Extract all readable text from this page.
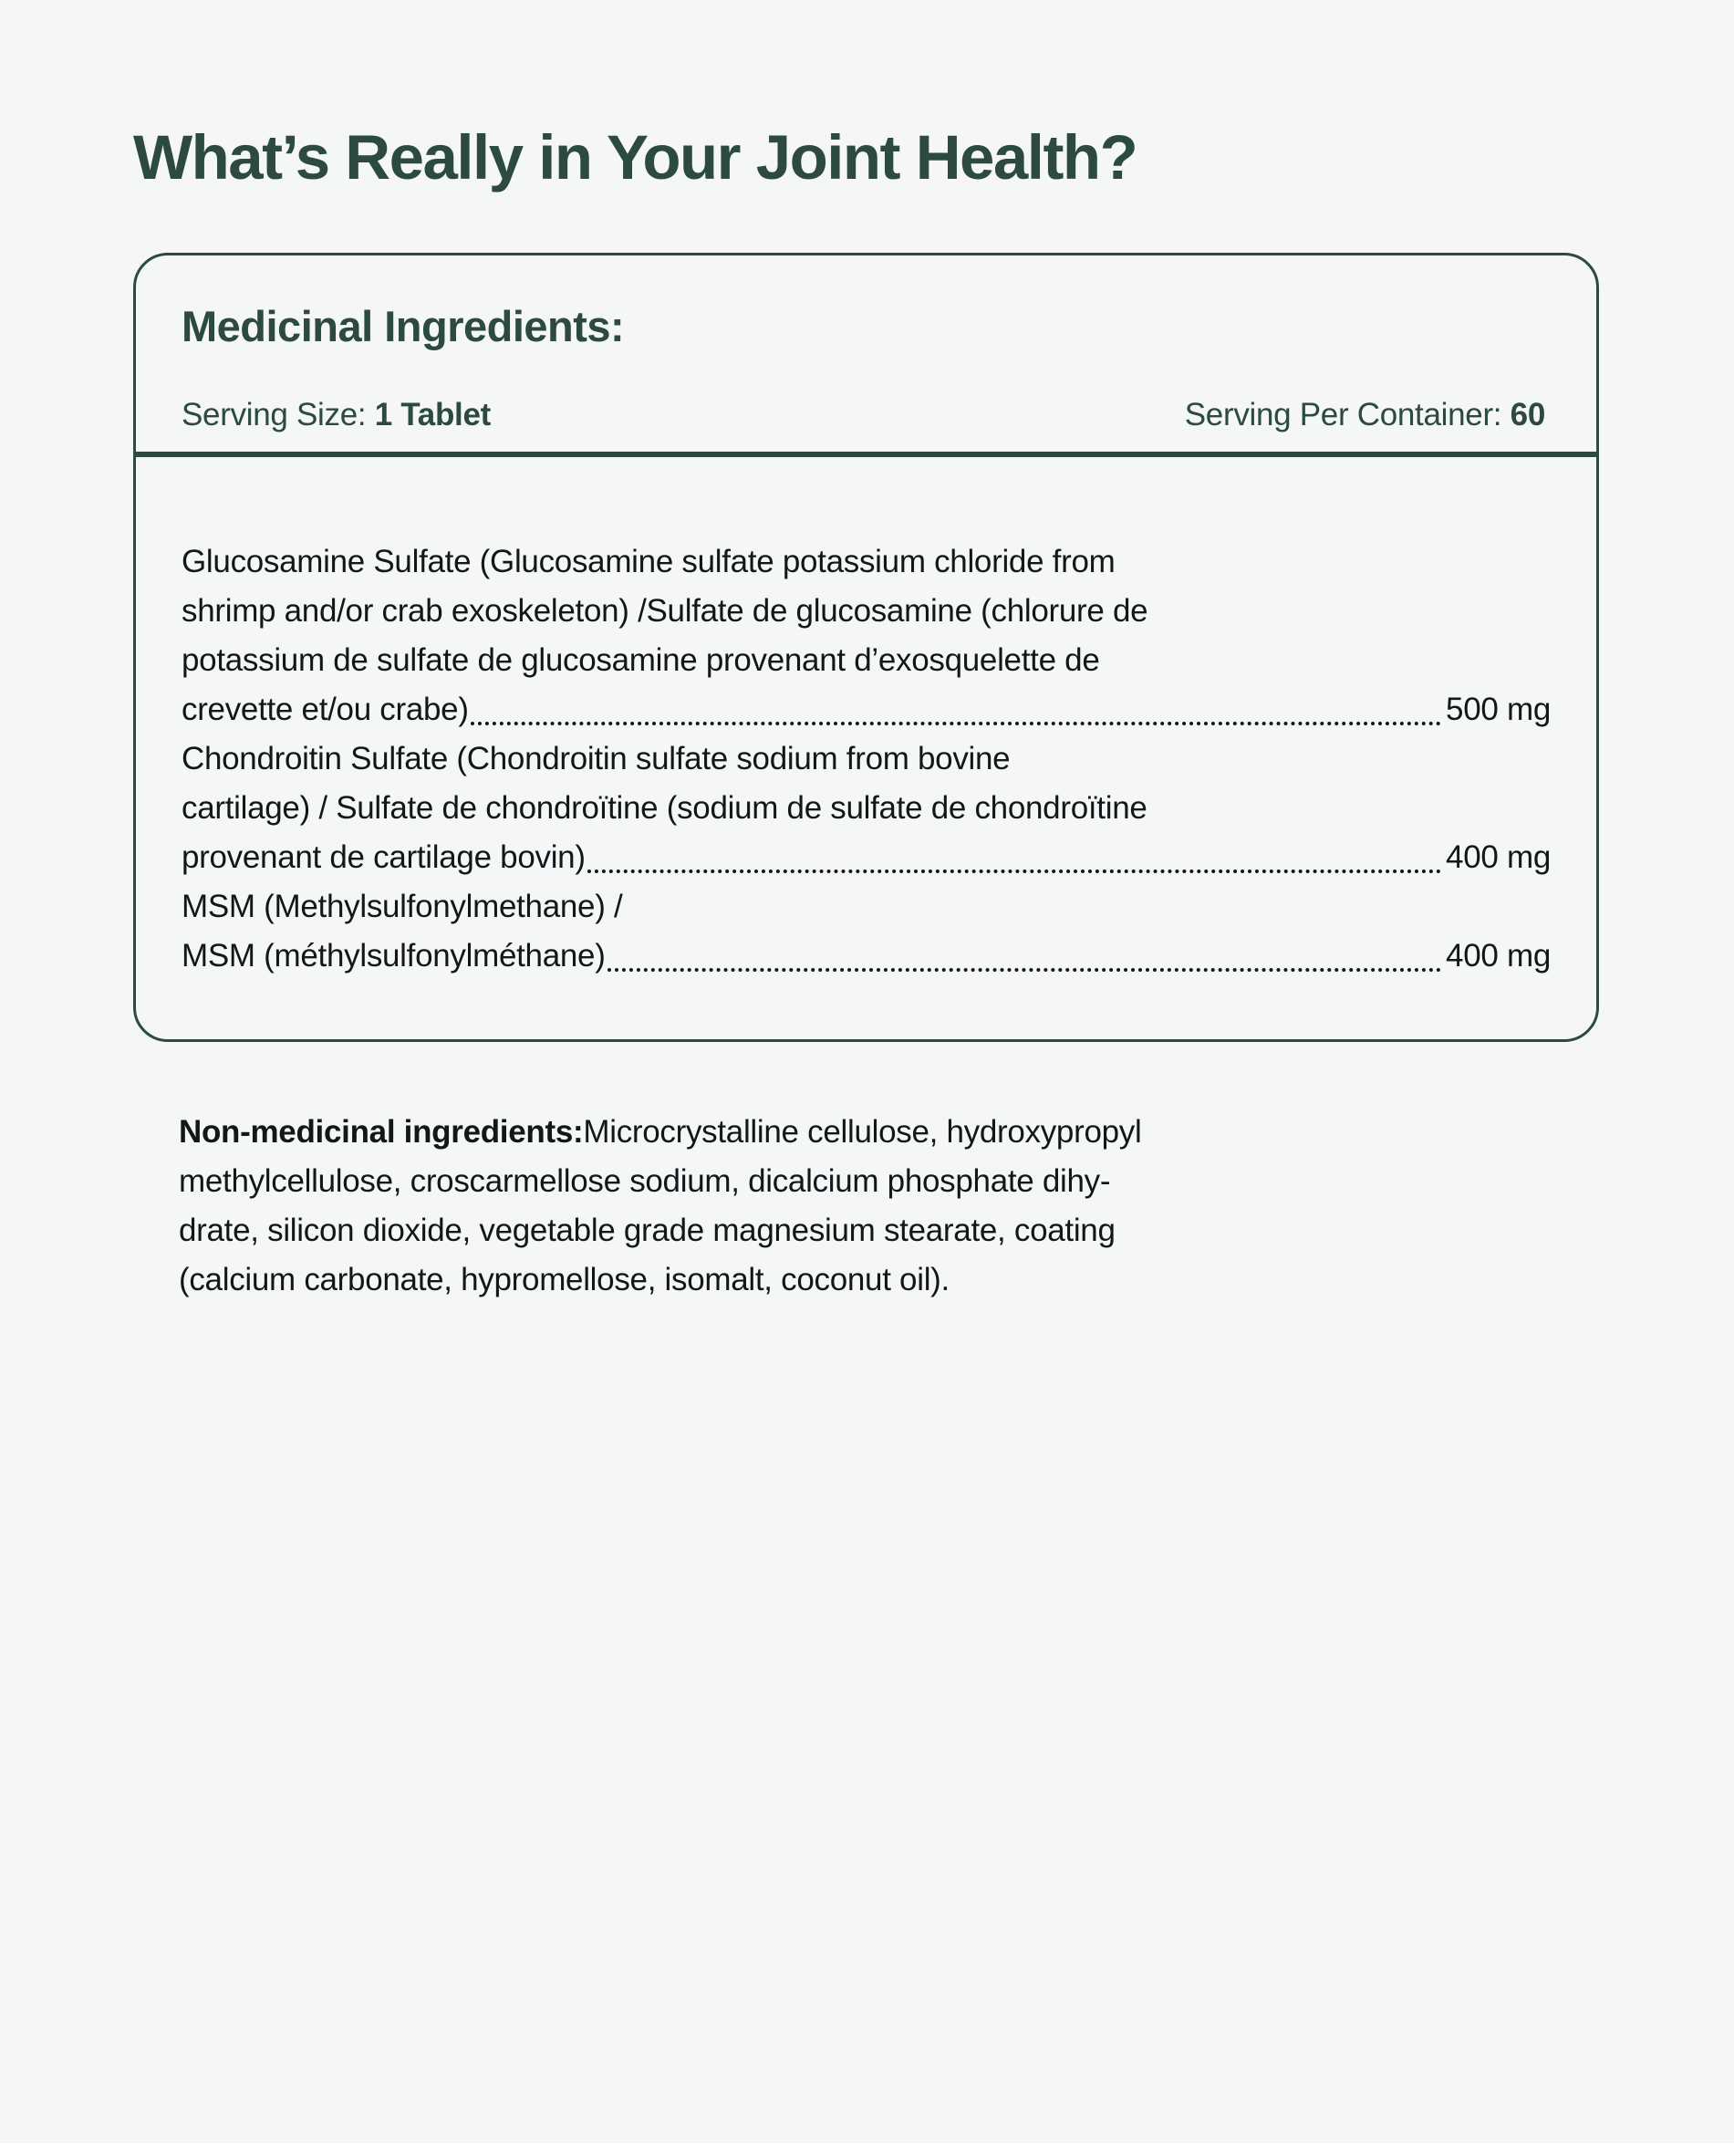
What’s Really in Your Joint Health?
Medicinal Ingredients:
Serving Size: 1 Tablet	Serving Per Container: 60
Glucosamine Sulfate (Glucosamine sulfate potassium chloride from
shrimp and/or crab exoskeleton) /Sulfate de glucosamine (chlorure de
potassium de sulfate de glucosamine provenant d’exosquelette de
crevette et/ou crabe)	500 mg
Chondroitin Sulfate (Chondroitin sulfate sodium from bovine
cartilage) / Sulfate de chondroïtine (sodium de sulfate de chondroïtine
provenant de cartilage bovin)	400 mg
MSM (Methylsulfonylmethane) /
MSM (méthylsulfonylméthane)	400 mg
Non-medicinal ingredients:Microcrystalline cellulose, hydroxypropyl
methylcellulose, croscarmellose sodium, dicalcium phosphate dihy-
drate, silicon dioxide, vegetable grade magnesium stearate, coating
(calcium carbonate, hypromellose, isomalt, coconut oil).
